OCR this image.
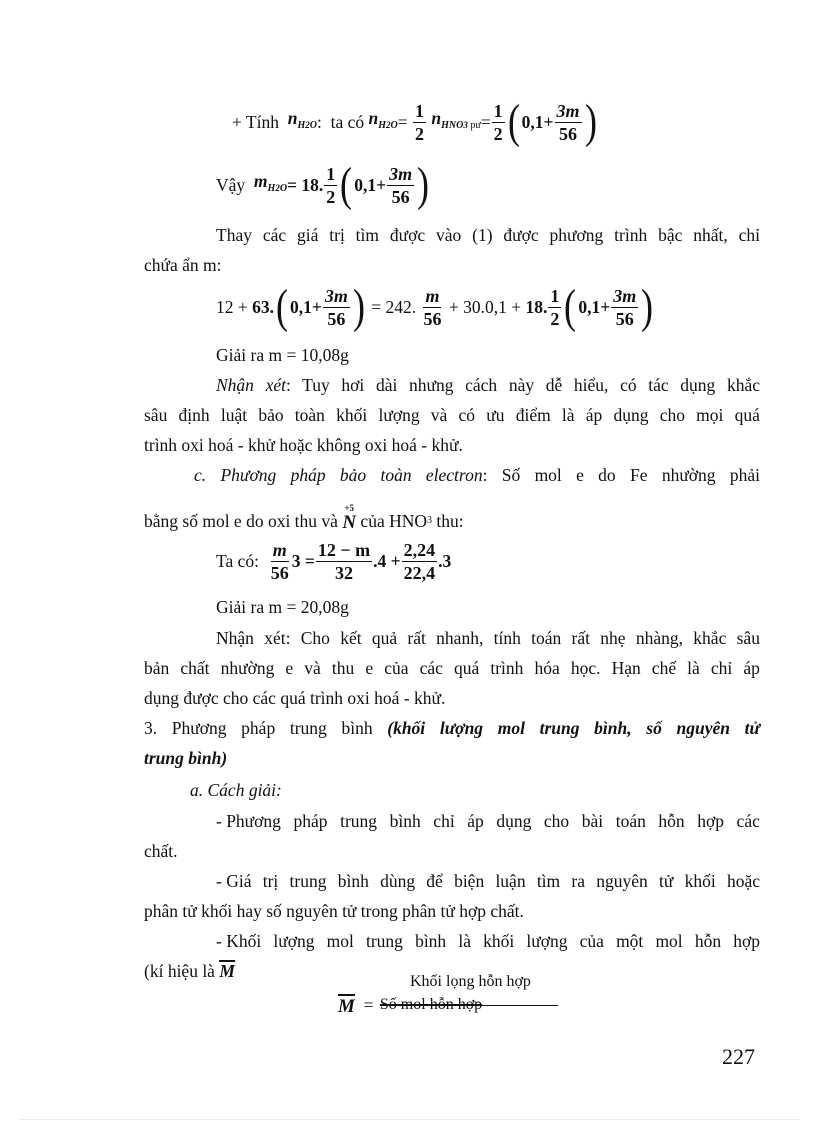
+ Tính
$n_{H2O}$ : ta có
$n_{H2O}$ =
$\frac{1}{2}$
$n_{HNO3 pư} = \frac{1}{2}$ ( $0,1+ \frac{3m}{56}$ )
Vậy
$m_{H2O} = 18$. $\frac{1}{2}$ ( $0,1+ \frac{3m}{56}$ )
Thay các giá trị tìm được vào (1) được phương trình bậc nhất, chỉ
chứa ẩn m:
12 +
63. ( $0,1+ \frac{3m}{56}$ )
= 242.
$\frac{m}{56}$
+ 30.0,1 +
18. $\frac{1}{2}$ ( $0,1+ \frac{3m}{56}$ )
Giải ra m = 10,08g
Nhận xét: Tuy hơi dài nhưng cách này dễ hiểu, có tác dụng khắc
sâu định luật bảo toàn khối lượng và có ưu điểm là áp dụng cho mọi quá
trình oxi hoá - khử hoặc không oxi hoá - khử.
c. Phương pháp bảo toàn electron: Số mol e do Fe nhường phải
bằng số mol e do oxi thu và

+5
N
của HNO 3
thu:
Ta có:
$\frac{m}{56} 3 = \frac{12 - m}{32} .4 + \frac{2,24}{22,4} .3$
Giải ra m = 20,08g
Nhận xét: Cho kết quả rất nhanh, tính toán rất nhẹ nhàng, khắc sâu
bản chất nhường e và thu e của các quá trình hóa học. Hạn chế là chỉ áp
dụng được cho các quá trình oxi hoá - khử.
3. Phương pháp trung bình (khối lượng mol trung bình, số nguyên tử
trung bình)
a. Cách giải:
- Phương pháp trung bình chỉ áp dụng cho bài toán hỗn hợp các
chất.
- Giá trị trung bình dùng để biện luận tìm ra nguyên tử khối hoặc
phân tử khối hay số nguyên tử trong phân tử hợp chất.
- Khối lượng mol trung bình là khối lượng của một mol hỗn hợp
(kí hiệu là M
Khối lọng hỗn hợp
M
=
Số mol hỗn hợp
227
